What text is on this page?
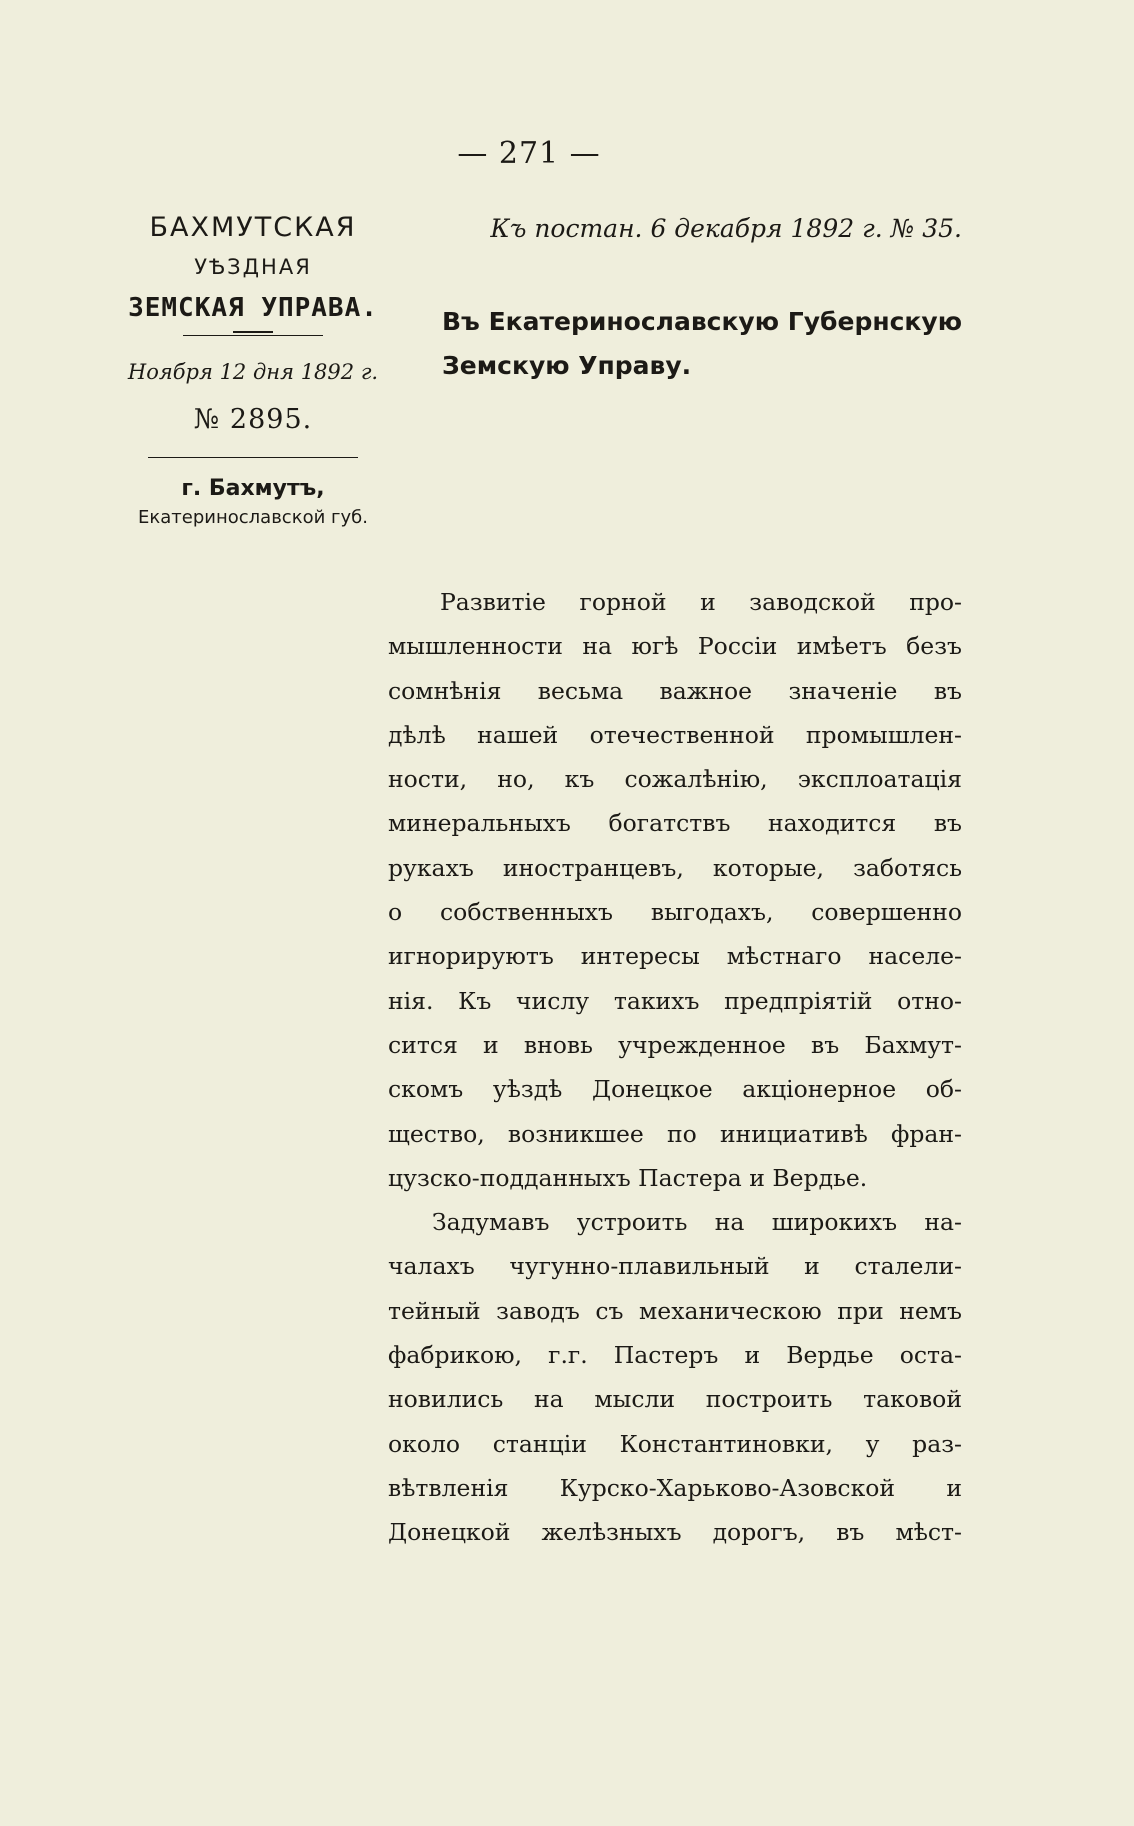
— 271 —
БАХМУТСКАЯ
УѢЗДНАЯ
ЗЕМСКАЯ УПРАВА.
Ноября 12 дня 1892 г.
№ 2895.
г. Бахмутъ,
Екатеринославской губ.
Къ постан. 6 декабря 1892 г. № 35.
Въ Екатеринославскую Губернскую Земскую Управу.
Развитіе горной и заводской про-
мышленности на югѣ Россіи имѣетъ безъ
сомнѣнія весьма важное значеніе въ
дѣлѣ нашей отечественной промышлен-
ности, но, къ сожалѣнію, эксплоатація
минеральныхъ богатствъ находится въ
рукахъ иностранцевъ, которые, заботясь
о собственныхъ выгодахъ, совершенно
игнорируютъ интересы мѣстнаго населе-
нія. Къ числу такихъ предпріятій отно-
сится и вновь учрежденное въ Бахмут-
скомъ уѣздѣ Донецкое акціонерное об-
щество, возникшее по инициативѣ фран-
цузско-подданныхъ Пастера и Вердье.
Задумавъ устроить на широкихъ на-
чалахъ чугунно-плавильный и сталели-
тейный заводъ съ механическою при немъ
фабрикою, г.г. Пастеръ и Вердье оста-
новились на мысли построить таковой
около станціи Константиновки, у раз-
вѣтвленія Курско-Харьково-Азовской и
Донецкой желѣзныхъ дорогъ, въ мѣст-
